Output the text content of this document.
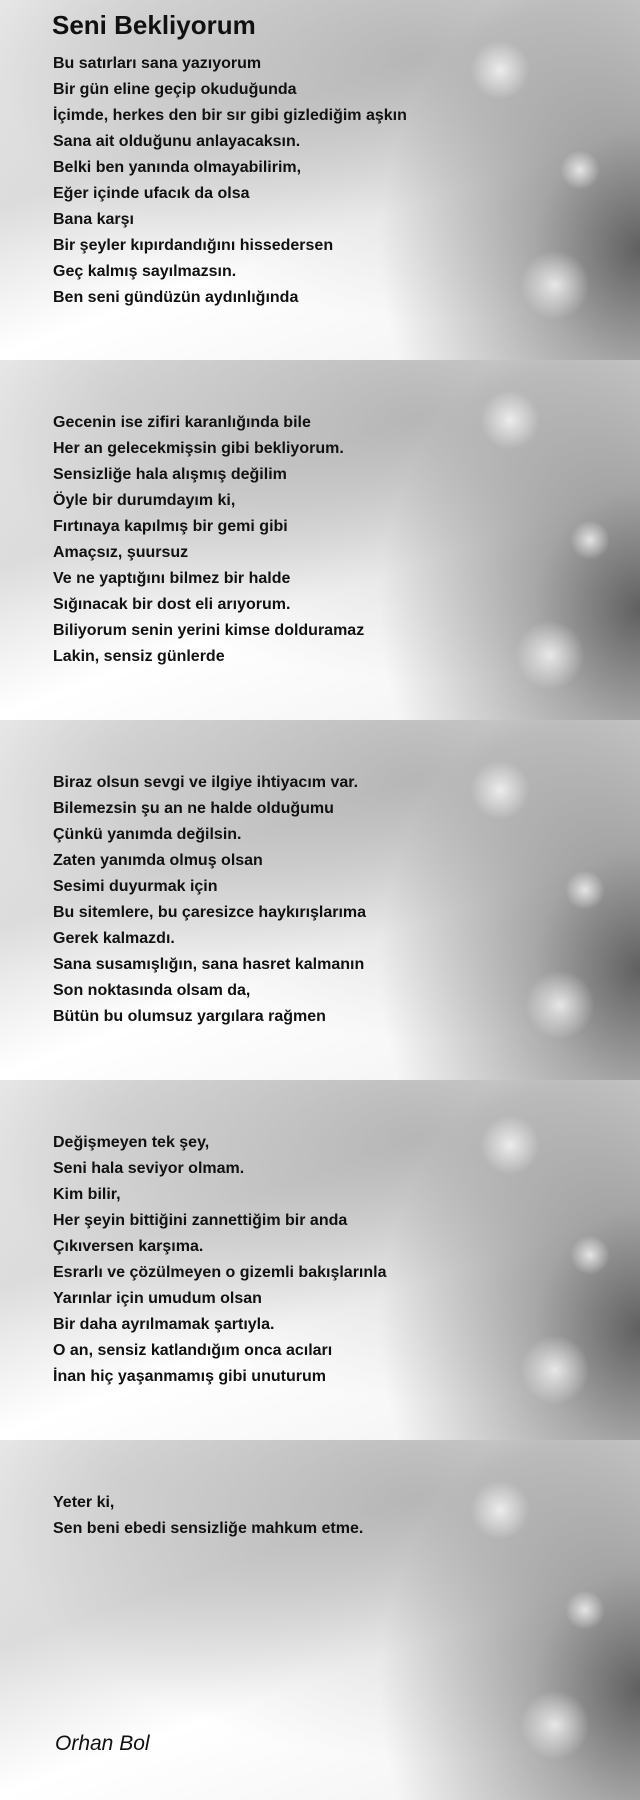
Seni Bekliyorum
Bu satırları sana yazıyorum
Bir gün eline geçip okuduğunda
İçimde, herkes den bir sır gibi gizlediğim aşkın
Sana ait olduğunu anlayacaksın.
Belki ben yanında olmayabilirim,
Eğer içinde ufacık da olsa
Bana karşı
Bir şeyler kıpırdandığını hissedersen
Geç kalmış sayılmazsın.
Ben seni gündüzün aydınlığında
Gecenin ise zifiri karanlığında bile
Her an gelecekmişsin gibi bekliyorum.
Sensizliğe hala alışmış değilim
Öyle bir durumdayım ki,
Fırtınaya kapılmış bir gemi gibi
Amaçsız, şuursuz
Ve ne yaptığını bilmez bir halde
Sığınacak bir dost eli arıyorum.
Biliyorum senin yerini kimse dolduramaz
Lakin, sensiz günlerde
Biraz olsun sevgi ve ilgiye ihtiyacım var.
Bilemezsin şu an ne halde olduğumu
Çünkü yanımda değilsin.
Zaten yanımda olmuş olsan
Sesimi duyurmak için
Bu sitemlere, bu çaresizce haykırışlarıma
Gerek kalmazdı.
Sana susamışlığın, sana hasret kalmanın
Son noktasında olsam da,
Bütün bu olumsuz yargılara rağmen
Değişmeyen tek şey,
Seni hala seviyor olmam.
Kim bilir,
Her şeyin bittiğini zannettiğim bir anda
Çıkıversen karşıma.
Esrarlı ve çözülmeyen o gizemli bakışlarınla
Yarınlar için umudum olsan
Bir daha ayrılmamak şartıyla.
O an, sensiz katlandığım onca acıları
İnan hiç yaşanmamış gibi unuturum
Yeter ki,
Sen beni ebedi sensizliğe mahkum etme.
Orhan Bol
